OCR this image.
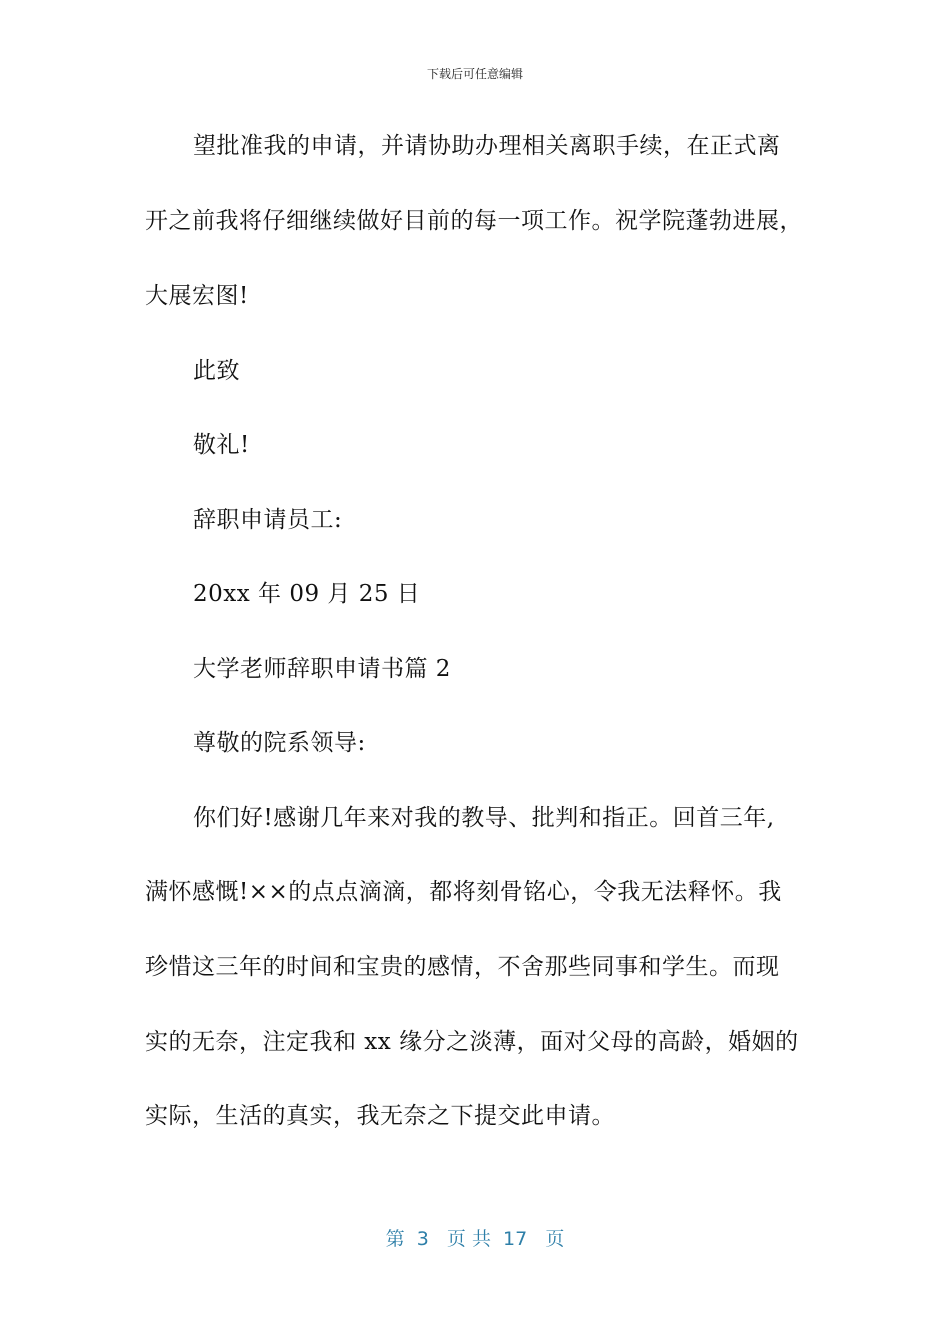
下载后可任意编辑
望批准我的申请，并请协助办理相关离职手续，在正式离
开之前我将仔细继续做好目前的每一项工作。祝学院蓬勃进展，
大展宏图!
此致
敬礼!
辞职申请员工:
20xx 年 09 月 25 日
大学老师辞职申请书篇 2
尊敬的院系领导:
你们好!感谢几年来对我的教导、批判和指正。回首三年,
满怀感慨!××的点点滴滴，都将刻骨铭心，令我无法释怀。我
珍惜这三年的时间和宝贵的感情，不舍那些同事和学生。而现
实的无奈，注定我和 xx 缘分之淡薄，面对父母的高龄，婚姻的
实际，生活的真实，我无奈之下提交此申请。
第  3   页 共  17   页
